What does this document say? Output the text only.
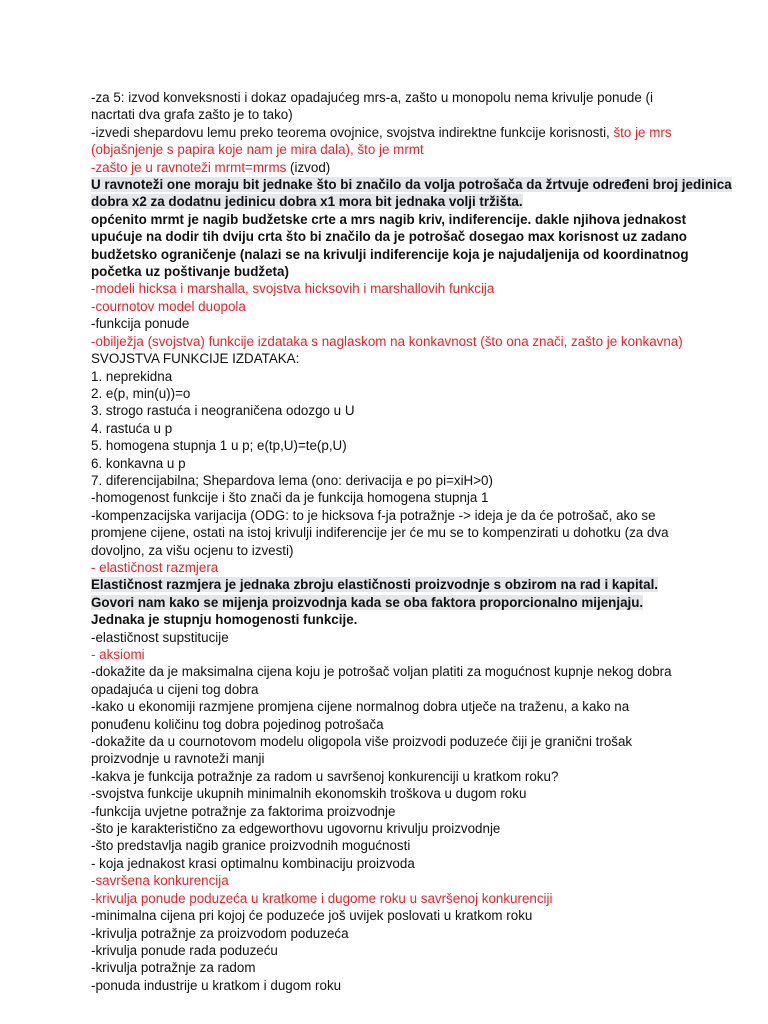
-za 5: izvod konveksnosti i dokaz opadajućeg mrs-a, zašto u monopolu nema krivulje ponude (i
nacrtati dva grafa zašto je to tako)
-izvedi shepardovu lemu preko teorema ovojnice, svojstva indirektne funkcije korisnosti, što je mrs
(objašnjenje s papira koje nam je mira dala), što je mrmt
-zašto je u ravnoteži mrmt=mrms (izvod)
U ravnoteži one moraju bit jednake što bi značilo da volja potrošača da žrtvuje određeni broj jedinica
dobra x2 za dodatnu jedinicu dobra x1 mora bit jednaka volji tržišta.
općenito mrmt je nagib budžetske crte a mrs nagib kriv, indiferencije. dakle njihova jednakost
upućuje na dodir tih dviju crta što bi značilo da je potrošač dosegao max korisnost uz zadano
budžetsko ograničenje (nalazi se na krivulji indiferencije koja je najudaljenija od koordinatnog
početka uz poštivanje budžeta)
-modeli hicksa i marshalla, svojstva hicksovih i marshallovih funkcija
-cournotov model duopola
-funkcija ponude
-obilježja (svojstva) funkcije izdataka s naglaskom na konkavnost (što ona znači, zašto je konkavna)
SVOJSTVA FUNKCIJE IZDATAKA:
1. neprekidna
2. e(p, min(u))=o
3. strogo rastuća i neograničena odozgo u U
4. rastuća u p
5. homogena stupnja 1 u p; e(tp,U)=te(p,U)
6. konkavna u p
7. diferencijabilna; Shepardova lema (ono: derivacija e po pi=xiH>0)
-homogenost funkcije i što znači da je funkcija homogena stupnja 1
-kompenzacijska varijacija (ODG: to je hicksova f-ja potražnje -> ideja je da će potrošač, ako se
promjene cijene, ostati na istoj krivulji indiferencije jer će mu se to kompenzirati u dohotku (za dva
dovoljno, za višu ocjenu to izvesti)
- elastičnost razmjera
Elastičnost razmjera je jednaka zbroju elastičnosti proizvodnje s obzirom na rad i kapital.
Govori nam kako se mijenja proizvodnja kada se oba faktora proporcionalno mijenjaju.
Jednaka je stupnju homogenosti funkcije.
-elastičnost supstitucije
- aksiomi
-dokažite da je maksimalna cijena koju je potrošač voljan platiti za mogućnost kupnje nekog dobra
opadajuća u cijeni tog dobra
-kako u ekonomiji razmjene promjena cijene normalnog dobra utječe na traženu, a kako na
ponuđenu količinu tog dobra pojedinog potrošača
-dokažite da u cournotovom modelu oligopola više proizvodi poduzeće čiji je granični trošak
proizvodnje u ravnoteži manji
-kakva je funkcija potražnje za radom u savršenoj konkurenciji u kratkom roku?
-svojstva funkcije ukupnih minimalnih ekonomskih troškova u dugom roku
-funkcija uvjetne potražnje za faktorima proizvodnje
-što je karakteristično za edgeworthovu ugovornu krivulju proizvodnje
-što predstavlja nagib granice proizvodnih mogućnosti
- koja jednakost krasi optimalnu kombinaciju proizvoda
-savršena konkurencija
-krivulja ponude poduzeća u kratkome i dugome roku u savršenoj konkurenciji
-minimalna cijena pri kojoj će poduzeće još uvijek poslovati u kratkom roku
-krivulja potražnje za proizvodom poduzeća
-krivulja ponude rada poduzeću
-krivulja potražnje za radom
-ponuda industrije u kratkom i dugom roku
